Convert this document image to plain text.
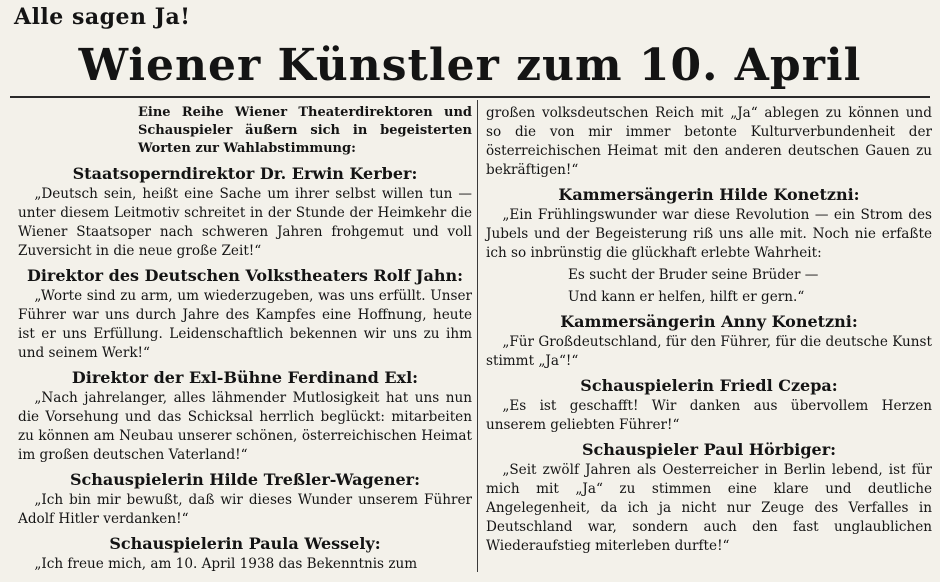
Alle sagen Ja!
Wiener Künstler zum 10. April
Eine Reihe Wiener Theaterdirektoren und Schauspieler äußern sich in begeisterten Worten zur Wahlabstimmung:
Staatsoperndirektor Dr. Erwin Kerber:
„Deutsch sein, heißt eine Sache um ihrer selbst willen tun — unter diesem Leitmotiv schreitet in der Stunde der Heimkehr die Wiener Staatsoper nach schweren Jahren frohgemut und voll Zuversicht in die neue große Zeit!“
Direktor des Deutschen Volkstheaters Rolf Jahn:
„Worte sind zu arm, um wiederzugeben, was uns erfüllt. Unser Führer war uns durch Jahre des Kampfes eine Hoffnung, heute ist er uns Erfüllung. Leidenschaftlich bekennen wir uns zu ihm und seinem Werk!“
Direktor der Exl-Bühne Ferdinand Exl:
„Nach jahrelanger, alles lähmender Mutlosigkeit hat uns nun die Vorsehung und das Schicksal herrlich beglückt: mitarbeiten zu können am Neubau unserer schönen, österreichischen Heimat im großen deutschen Vaterland!“
Schauspielerin Hilde Treßler-Wagener:
„Ich bin mir bewußt, daß wir dieses Wunder unserem Führer Adolf Hitler verdanken!“
Schauspielerin Paula Wessely:
„Ich freue mich, am 10. April 1938 das Bekenntnis zum
großen volksdeutschen Reich mit „Ja“ ablegen zu können und so die von mir immer betonte Kulturverbundenheit der österreichischen Heimat mit den anderen deutschen Gauen zu bekräftigen!“
Kammersängerin Hilde Konetzni:
„Ein Frühlingswunder war diese Revolution — ein Strom des Jubels und der Begeisterung riß uns alle mit. Noch nie erfaßte ich so inbrünstig die glückhaft erlebte Wahrheit:
Es sucht der Bruder seine Brüder —
Und kann er helfen, hilft er gern.“
Kammersängerin Anny Konetzni:
„Für Großdeutschland, für den Führer, für die deutsche Kunst stimmt „Ja“!“
Schauspielerin Friedl Czepa:
„Es ist geschafft! Wir danken aus übervollem Herzen unserem geliebten Führer!“
Schauspieler Paul Hörbiger:
„Seit zwölf Jahren als Oesterreicher in Berlin lebend, ist für mich mit „Ja“ zu stimmen eine klare und deutliche Angelegenheit, da ich ja nicht nur Zeuge des Verfalles in Deutschland war, sondern auch den fast unglaublichen Wiederaufstieg miterleben durfte!“
